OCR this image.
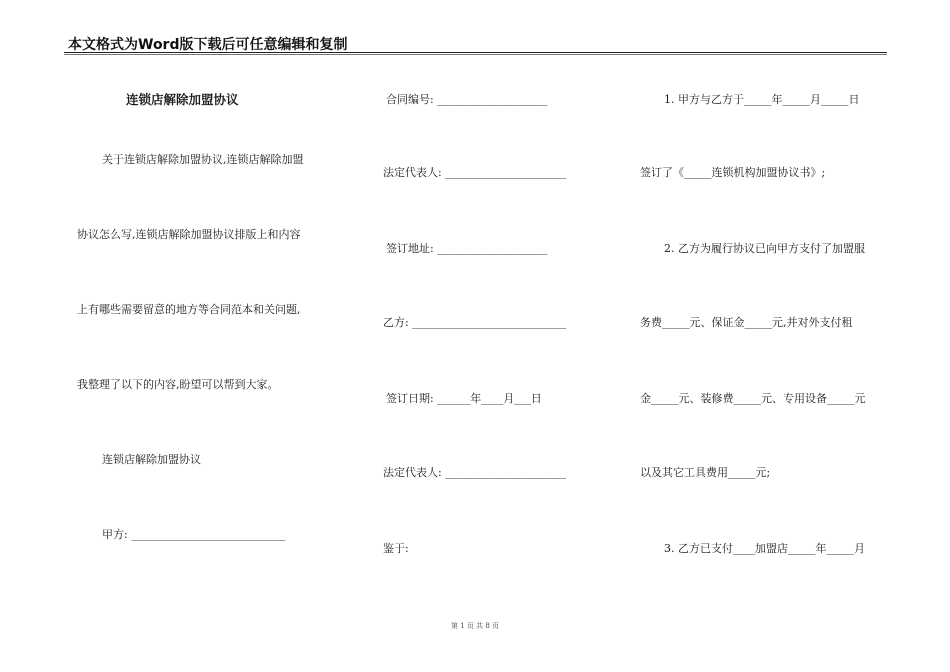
本文格式为Word版下载后可任意编辑和复制
连锁店解除加盟协议
关于连锁店解除加盟协议,连锁店解除加盟
协议怎么写,连锁店解除加盟协议排版上和内容
上有哪些需要留意的地方等合同范本和关问题,
我整理了以下的内容,盼望可以帮到大家。
连锁店解除加盟协议
甲方: ____________________________
合同编号: ____________________
法定代表人: ______________________
签订地址: ____________________
乙方: ____________________________
签订日期: ______年____月___日
法定代表人: ______________________
鉴于:
1. 甲方与乙方于_____年_____月_____日
签订了《_____连锁机构加盟协议书》;
2. 乙方为履行协议已向甲方支付了加盟服
务费_____元、保证金_____元,并对外支付租
金_____元、装修费_____元、专用设备_____元
以及其它工具费用_____元;
3. 乙方已支付____加盟店_____年_____月
第 1 页 共 8 页
